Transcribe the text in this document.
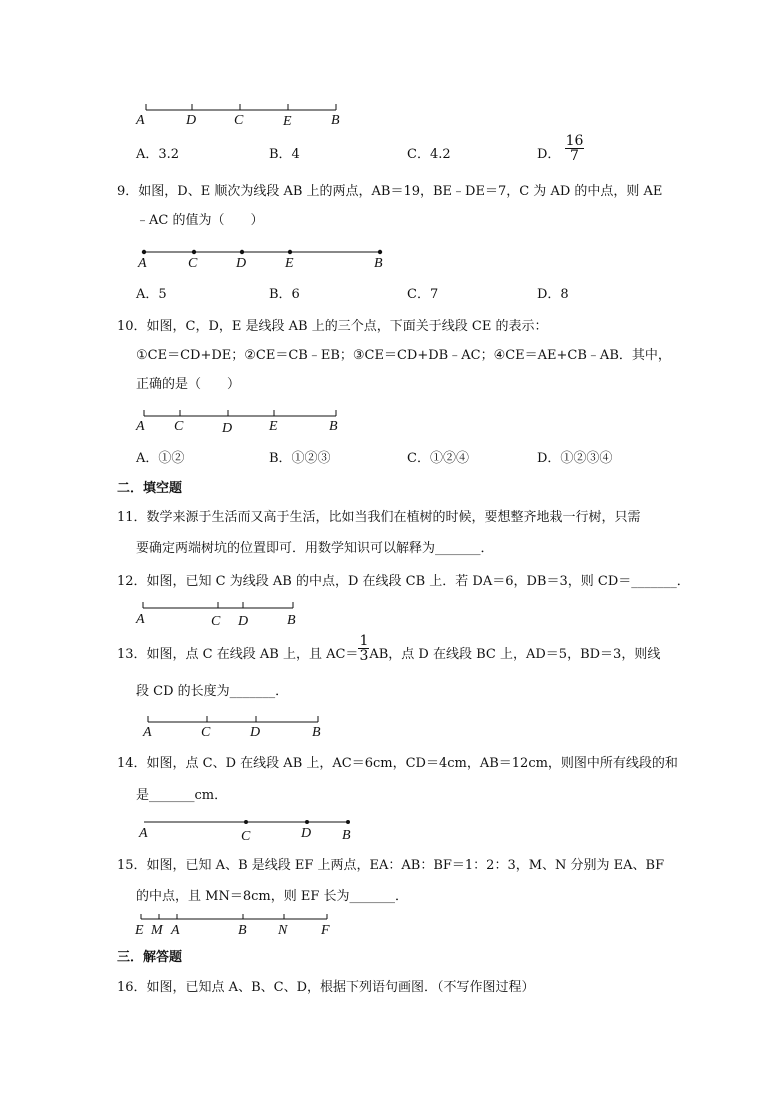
A	D	C	E	B
A．3.2	B．4	C．4.2	D． $\frac{16}{7}$
9．如图，D、E 顺次为线段 AB 上的两点，AB＝19，BE﹣DE＝7，C 为 AD 的中点，则 AE
﹣AC 的值为（　　）
A	C	D	E	B
A．5	B．6	C．7	D．8
10．如图，C，D，E 是线段 AB 上的三个点，下面关于线段 CE 的表示：
①CE＝CD+DE；②CE＝CB﹣EB；③CE＝CD+DB﹣AC；④CE＝AE+CB﹣AB．其中，
正确的是（　　）
A C	D	E	B
A．①②	B．①②③	C．①②④	D．①②③④
二．填空题
11．数学来源于生活而又高于生活，比如当我们在植树的时候，要想整齐地栽一行树，只需
要确定两端树坑的位置即可．用数学知识可以解释为_______．
12．如图，已知 C 为线段 AB 的中点，D 在线段 CB 上．若 DA＝6，DB＝3，则 CD＝_______．
A	C D	B
13．如图，点 C 在线段 AB 上，且 $AC= \frac{1}{3}$ AB，点 D 在线段 BC 上，AD＝5，BD＝3，则线
段 CD 的长度为_______．
A	C	D	B
14．如图，点 C、D 在线段 AB 上，AC＝6cm，CD＝4cm，AB＝12cm，则图中所有线段的和
是_______cm．
A	C	D B
15．如图，已知 A、B 是线段 EF 上两点，EA：AB：BF＝1：2：3，M、N 分别为 EA、BF
的中点，且 MN＝8cm，则 EF 长为_______．
E M A	B N F
三．解答题
16．如图，已知点 A、B、C、D，根据下列语句画图．（不写作图过程）
